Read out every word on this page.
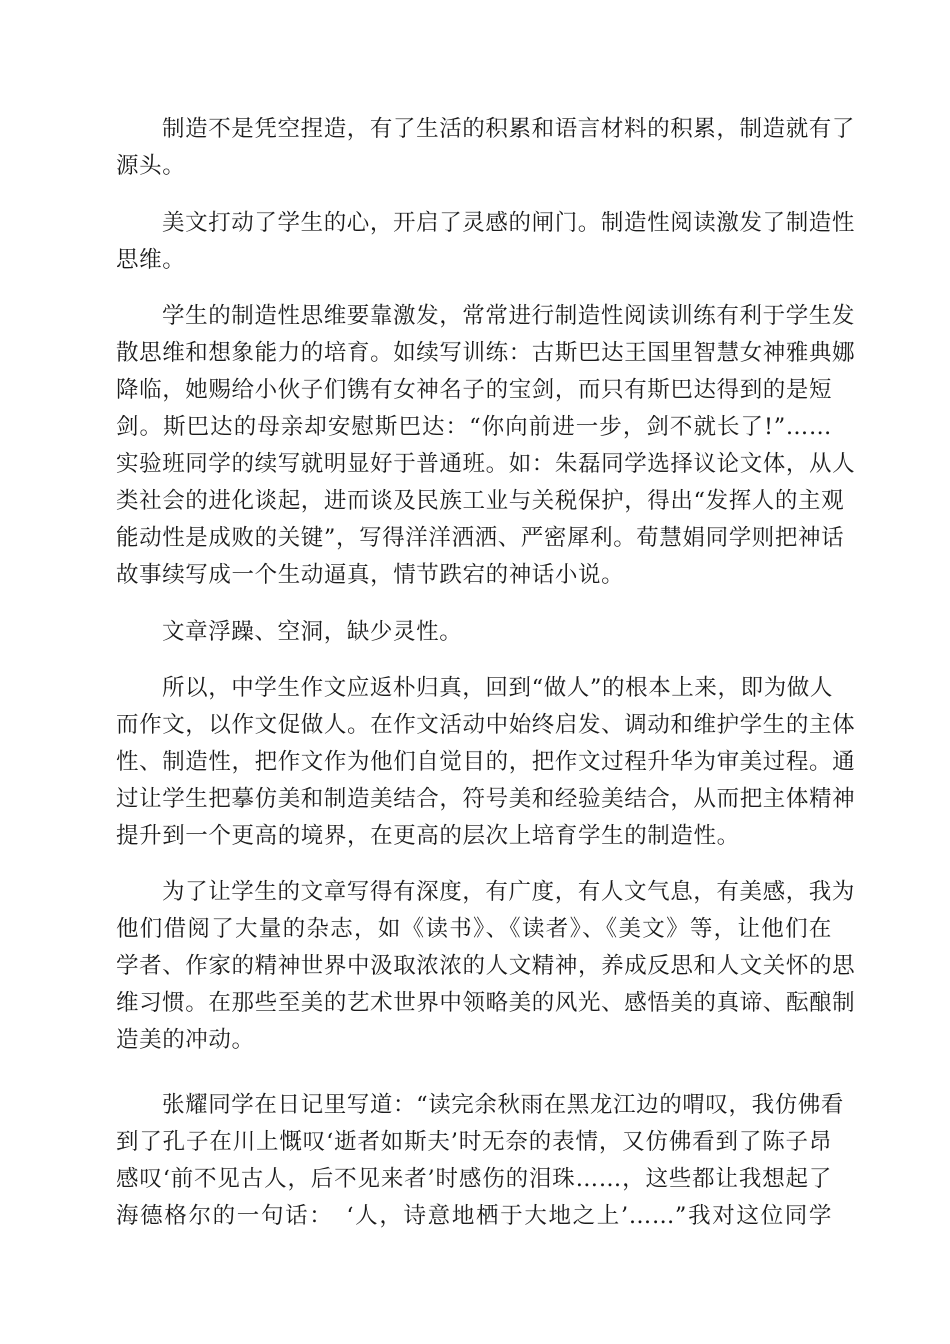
制造不是凭空捏造，有了生活的积累和语言材料的积累，制造就有了
源头。
美文打动了学生的心，开启了灵感的闸门。制造性阅读激发了制造性
思维。
学生的制造性思维要靠激发，常常进行制造性阅读训练有利于学生发
散思维和想象能力的培育。如续写训练：古斯巴达王国里智慧女神雅典娜
降临，她赐给小伙子们镌有女神名子的宝剑，而只有斯巴达得到的是短
剑。斯巴达的母亲却安慰斯巴达：“你向前进一步，剑不就长了!”……
实验班同学的续写就明显好于普通班。如：朱磊同学选择议论文体，从人
类社会的进化谈起，进而谈及民族工业与关税保护，得出“发挥人的主观
能动性是成败的关键”，写得洋洋洒洒、严密犀利。荀慧娟同学则把神话
故事续写成一个生动逼真，情节跌宕的神话小说。
文章浮躁、空洞，缺少灵性。
所以，中学生作文应返朴归真，回到“做人”的根本上来，即为做人
而作文，以作文促做人。在作文活动中始终启发、调动和维护学生的主体
性、制造性，把作文作为他们自觉目的，把作文过程升华为审美过程。通
过让学生把摹仿美和制造美结合，符号美和经验美结合，从而把主体精神
提升到一个更高的境界，在更高的层次上培育学生的制造性。
为了让学生的文章写得有深度，有广度，有人文气息，有美感，我为
他们借阅了大量的杂志，如《读书》、《读者》、《美文》等，让他们在
学者、作家的精神世界中汲取浓浓的人文精神，养成反思和人文关怀的思
维习惯。在那些至美的艺术世界中领略美的风光、感悟美的真谛、酝酿制
造美的冲动。
张耀同学在日记里写道：“读完余秋雨在黑龙江边的喟叹，我仿佛看
到了孔子在川上慨叹‘逝者如斯夫’时无奈的表情，又仿佛看到了陈子昂
感叹‘前不见古人，后不见来者’时感伤的泪珠……，这些都让我想起了
海德格尔的一句话：　‘人，诗意地栖于大地之上’……”我对这位同学
